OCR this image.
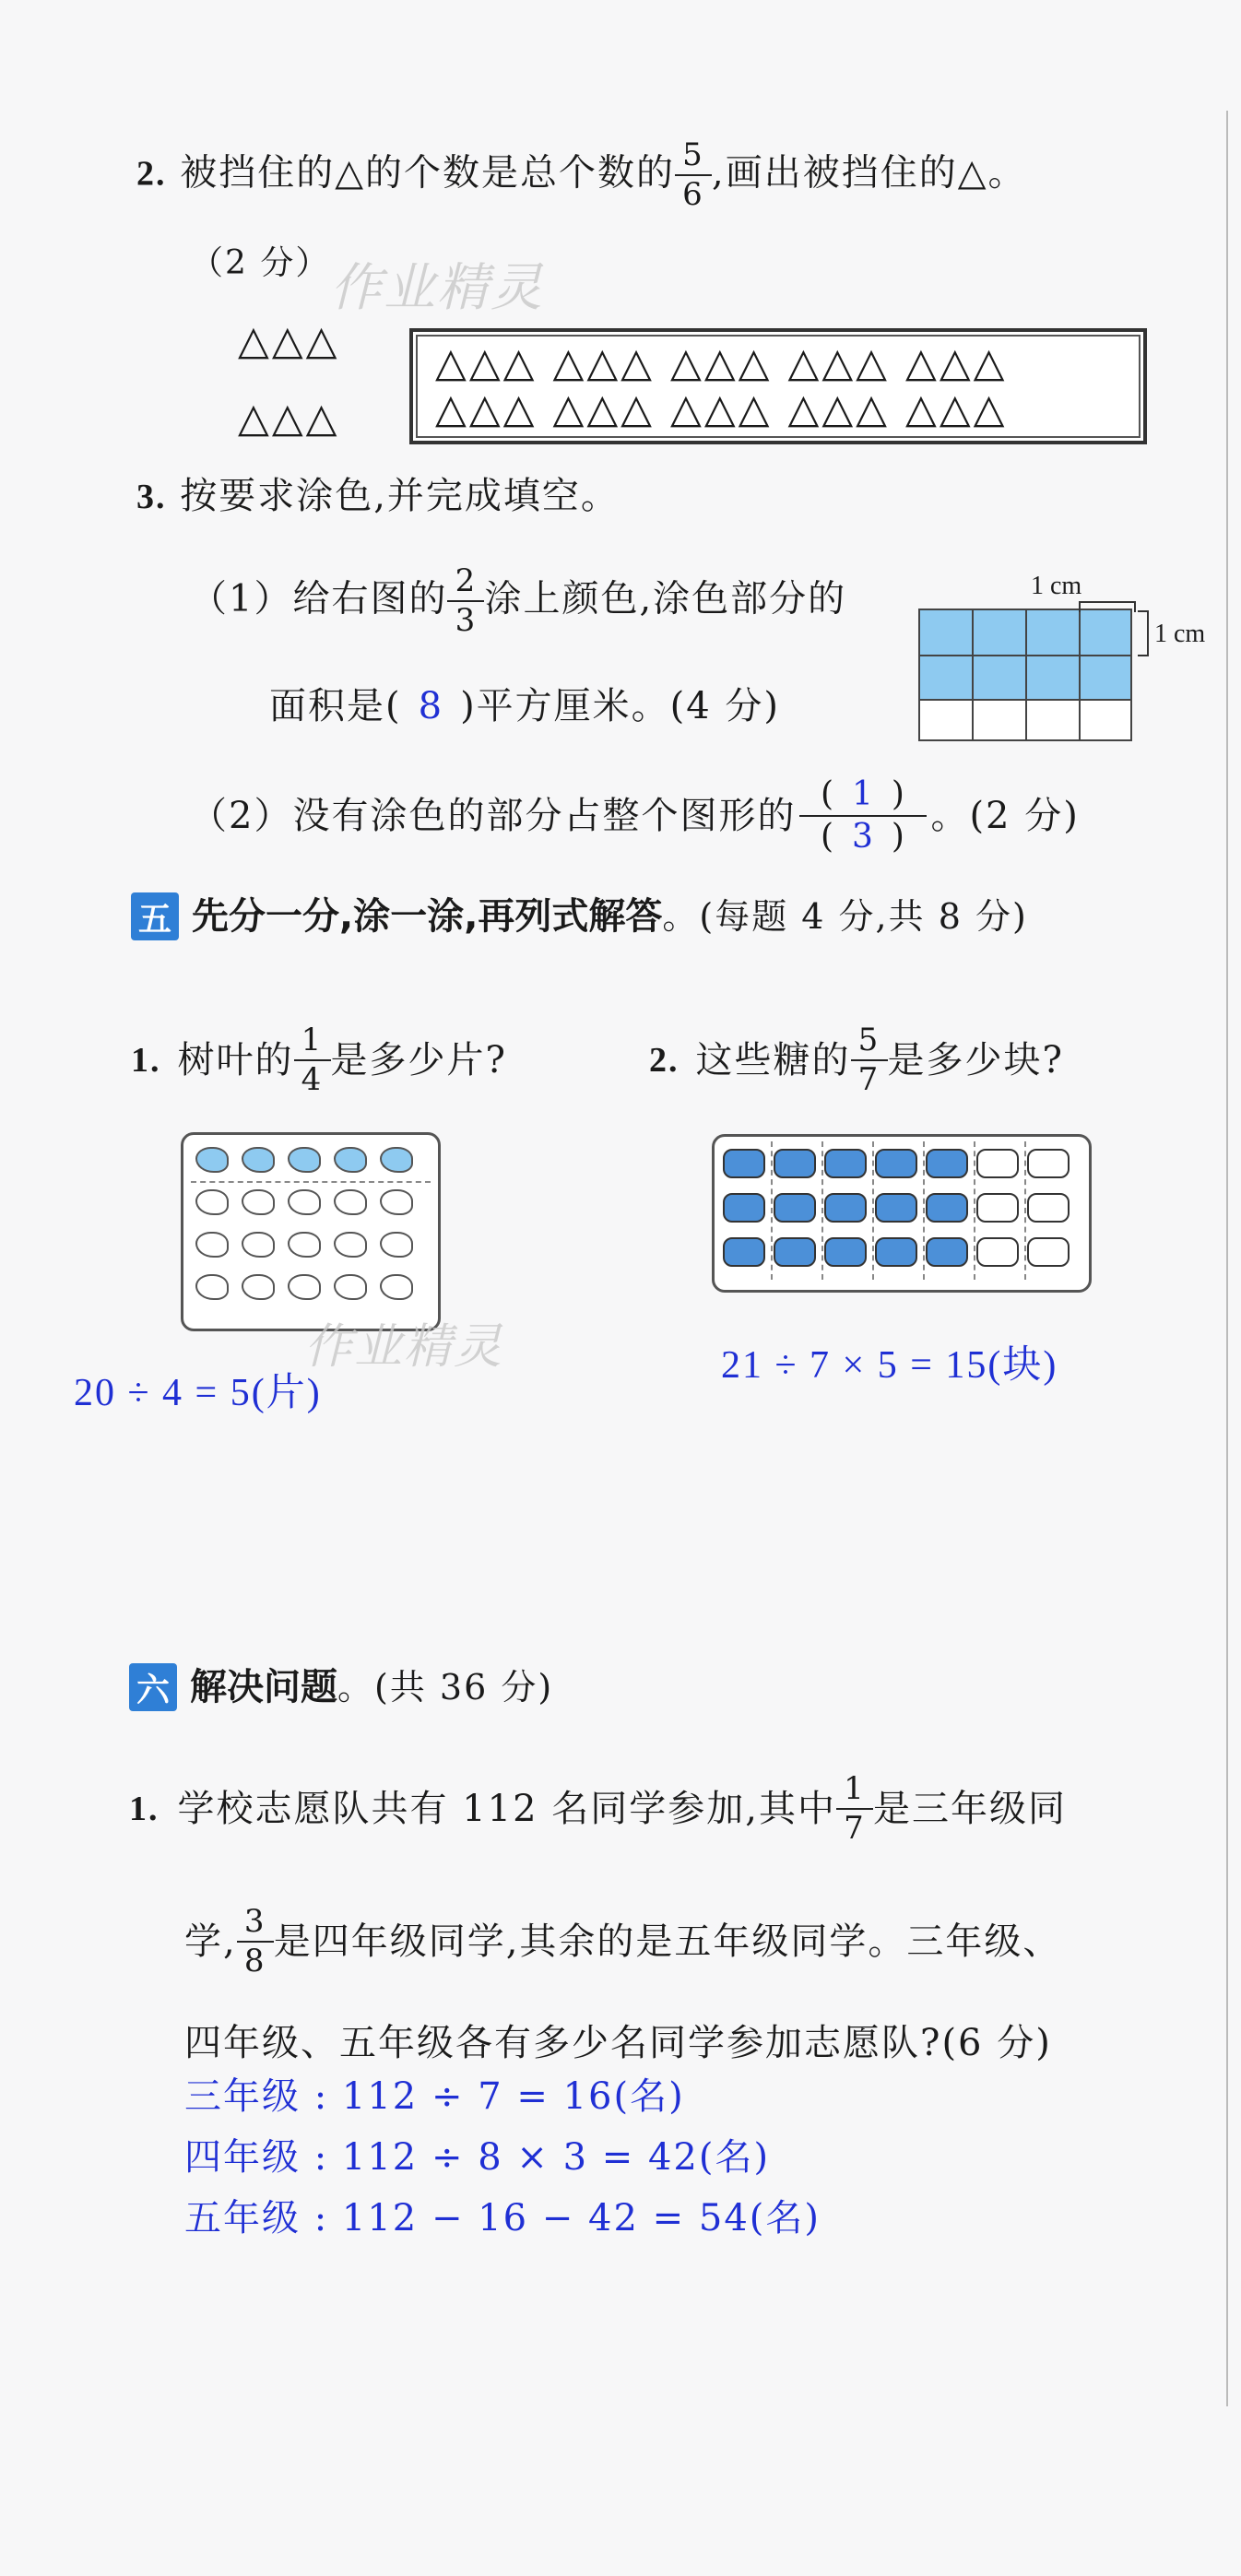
2. 被挡住的△的个数是总个数的 $\frac{5}{6}$ ,画出被挡住的△。
（2 分） 作业精灵
△△△
△△△
△△△ △△△ △△△ △△△ △△△
△△△ △△△ △△△ △△△ △△△
3. 按要求涂色,并完成填空。
（1）给右图的 $\frac{2}{3}$ 涂上颜色,涂色部分的
面积是( 8 )平方厘米。(4 分)
1 cm
1 cm
（2） 没有涂色的部分占整个图形的 $\frac{( 1 )}{( 3 )}$ 。(2 分)
五 先分一分,涂一涂,再列式解答 。(每题 4 分,共 8 分)
1. 树叶的 $\frac{1}{4}$ 是多少片?	2. 这些糖的 $\frac{5}{7}$ 是多少块?
作业精灵
20 ÷ 4 = 5(片)
21 ÷ 7 × 5 = 15(块)
六 解决问题 。(共 36 分)
1. 学校志愿队共有 112 名同学参加,其中 $\frac{1}{7}$ 是三年级同
学, $\frac{3}{8}$ 是四年级同学,其余的是五年级同学。三年级、
四年级、五年级各有多少名同学参加志愿队?(6 分)
三年级 : 112 ÷ 7 = 16(名)
四年级 : 112 ÷ 8 × 3 = 42(名)
五年级 : 112 − 16 − 42 = 54(名)
